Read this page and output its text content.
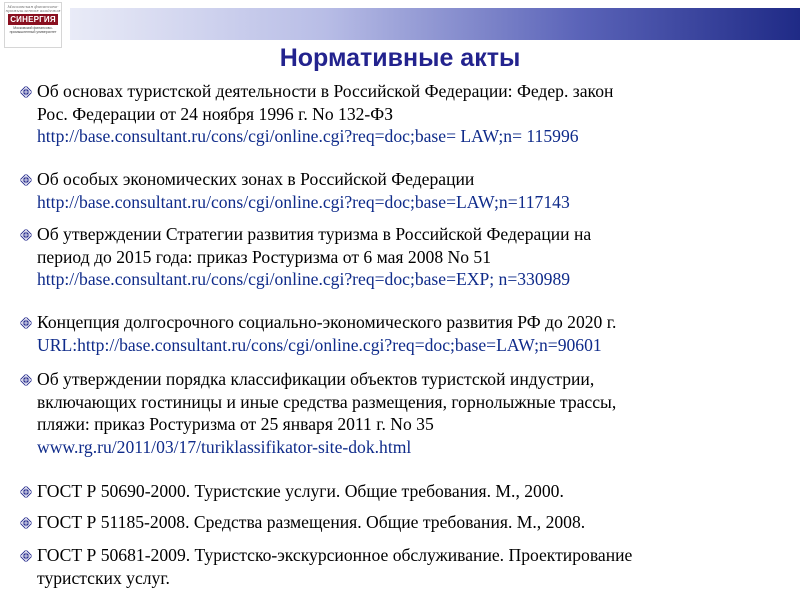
Московская финансово-промышленная академия
СИНЕРГИЯ
Московский финансово-промышленный университет
Нормативные акты
Об основах туристской деятельности в Российской Федерации: Федер. закон
Рос. Федерации от 24 ноября 1996 г. No 132-ФЗ
http://base.consultant.ru/cons/cgi/online.cgi?req=doc;base= LAW;n= 115996
Об особых экономических зонах в Российской Федерации
http://base.consultant.ru/cons/cgi/online.cgi?req=doc;base=LAW;n=117143
Об утверждении Стратегии развития туризма в Российской Федерации на
период до 2015 года: приказ Ростуризма от 6 мая 2008 No 51
http://base.consultant.ru/cons/cgi/online.cgi?req=doc;base=EXP; n=330989
Концепция долгосрочного социально-экономического развития РФ до 2020 г.
URL:http://base.consultant.ru/cons/cgi/online.cgi?req=doc;base=LAW;n=90601
Об утверждении порядка классификации объектов туристской индустрии,
включающих гостиницы и иные средства размещения, горнолыжные трассы,
пляжи: приказ Ростуризма от 25 января 2011 г. No 35
www.rg.ru/2011/03/17/turiklassifikator-site-dok.html
ГОСТ Р 50690-2000. Туристские услуги. Общие требования. М., 2000.
ГОСТ Р 51185-2008. Средства размещения. Общие требования. М., 2008.
ГОСТ Р 50681-2009. Туристско-экскурсионное обслуживание. Проектирование
туристских услуг.
